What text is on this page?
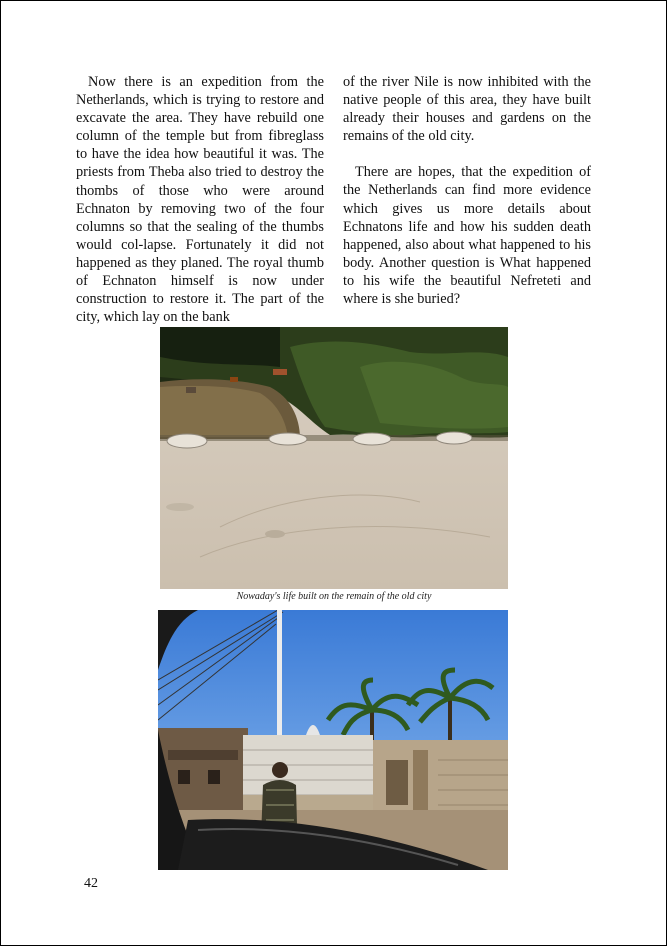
Now there is an expedition from the Netherlands, which is trying to restore and excavate the area. They have rebuild one column of the temple but from fibreglass to have the idea how beautiful it was. The priests from Theba also tried to destroy the thombs of those who were around Echnaton by removing two of the four columns so that the sealing of the thumbs would col-lapse. Fortunately it did not happened as they planed. The royal thumb of Echnaton himself is now under construction to restore it. The part of the city, which lay on the bank

of the river Nile is now inhibited with the native people of this area, they have built already their houses and gardens on the remains of the old city.

There are hopes, that the expedition of the Netherlands can find more evidence which gives us more details about Echnatons life and how his sudden death happened, also about what happened to his body. Another question is What happened to his wife the beautiful Nefreteti and where is she buried?

Nowaday's life built on the remain of the old city
42
